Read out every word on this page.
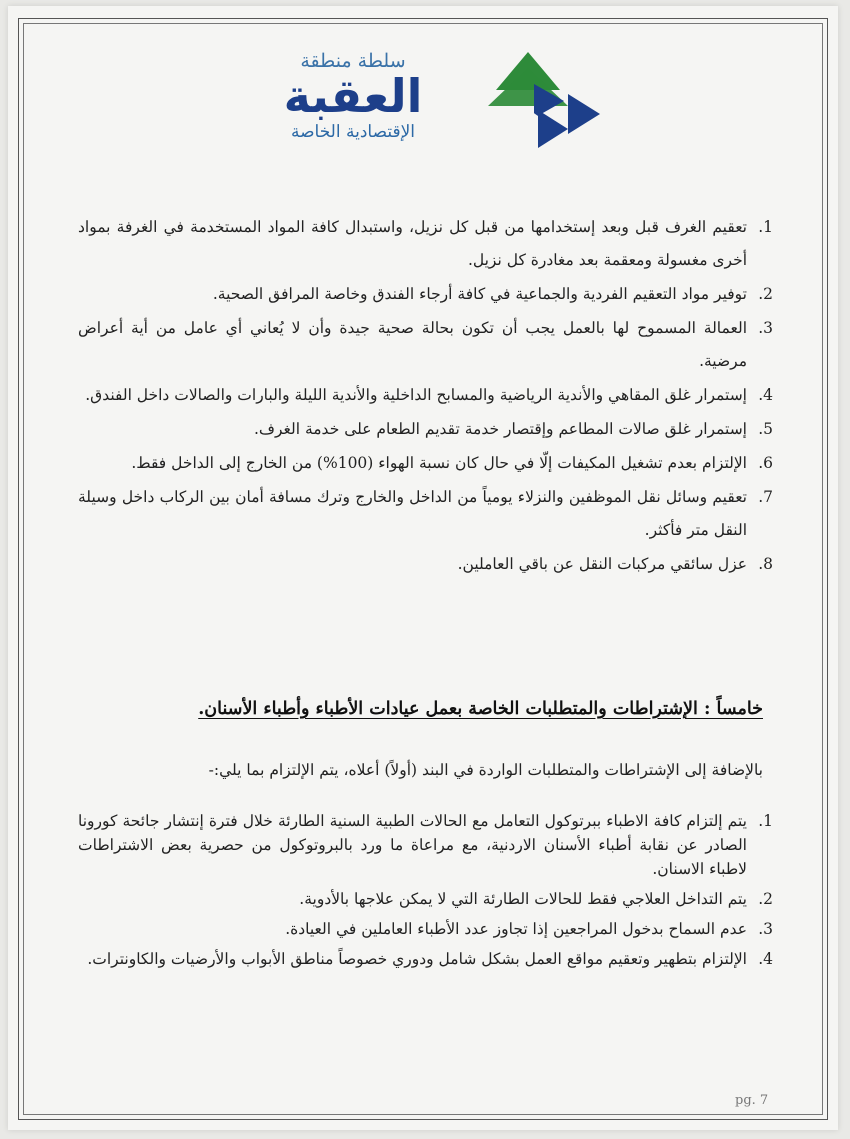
سلطة منطقة
العقبة
الإقتصادية الخاصة
1.
تعقيم الغرف قبل وبعد إستخدامها من قبل كل نزيل، واستبدال كافة المواد المستخدمة في الغرفة بمواد أخرى مغسولة ومعقمة بعد مغادرة كل نزيل.
2.
توفير مواد التعقيم الفردية والجماعية في كافة أرجاء الفندق وخاصة المرافق الصحية.
3.
العمالة المسموح لها بالعمل يجب أن تكون بحالة صحية جيدة وأن لا يُعاني أي عامل من أية أعراض مرضية.
4.
إستمرار غلق المقاهي والأندية الرياضية والمسابح الداخلية والأندية الليلة والبارات والصالات داخل الفندق.
5.
إستمرار غلق صالات المطاعم وإقتصار خدمة تقديم الطعام على خدمة الغرف.
6.
الإلتزام بعدم تشغيل المكيفات إلّا في حال كان نسبة الهواء (100%) من الخارج إلى الداخل فقط.
7.
تعقيم وسائل نقل الموظفين والنزلاء يومياً من الداخل والخارج وترك مسافة أمان بين الركاب داخل وسيلة النقل متر فأكثر.
8.
عزل سائقي مركبات النقل عن باقي العاملين.
خامساً : الإشتراطات والمتطلبات الخاصة بعمل عيادات الأطباء وأطباء الأسنان.
بالإضافة إلى الإشتراطات والمتطلبات الواردة في البند (أولاً) أعلاه، يتم الإلتزام بما يلي:-
1.
يتم إلتزام كافة الاطباء ببرتوكول التعامل مع الحالات الطبية السنية الطارئة خلال فترة إنتشار جائحة كورونا الصادر عن نقابة أطباء الأسنان الاردنية، مع مراعاة ما ورد بالبروتوكول من حصرية بعض الاشتراطات لاطباء الاسنان.
2.
يتم التداخل العلاجي فقط للحالات الطارئة التي لا يمكن علاجها بالأدوية.
3.
عدم السماح بدخول المراجعين إذا تجاوز عدد الأطباء العاملين في العيادة.
4.
الإلتزام بتطهير وتعقيم مواقع العمل بشكل شامل ودوري خصوصاً مناطق الأبواب والأرضيات والكاونترات.
pg. 7
